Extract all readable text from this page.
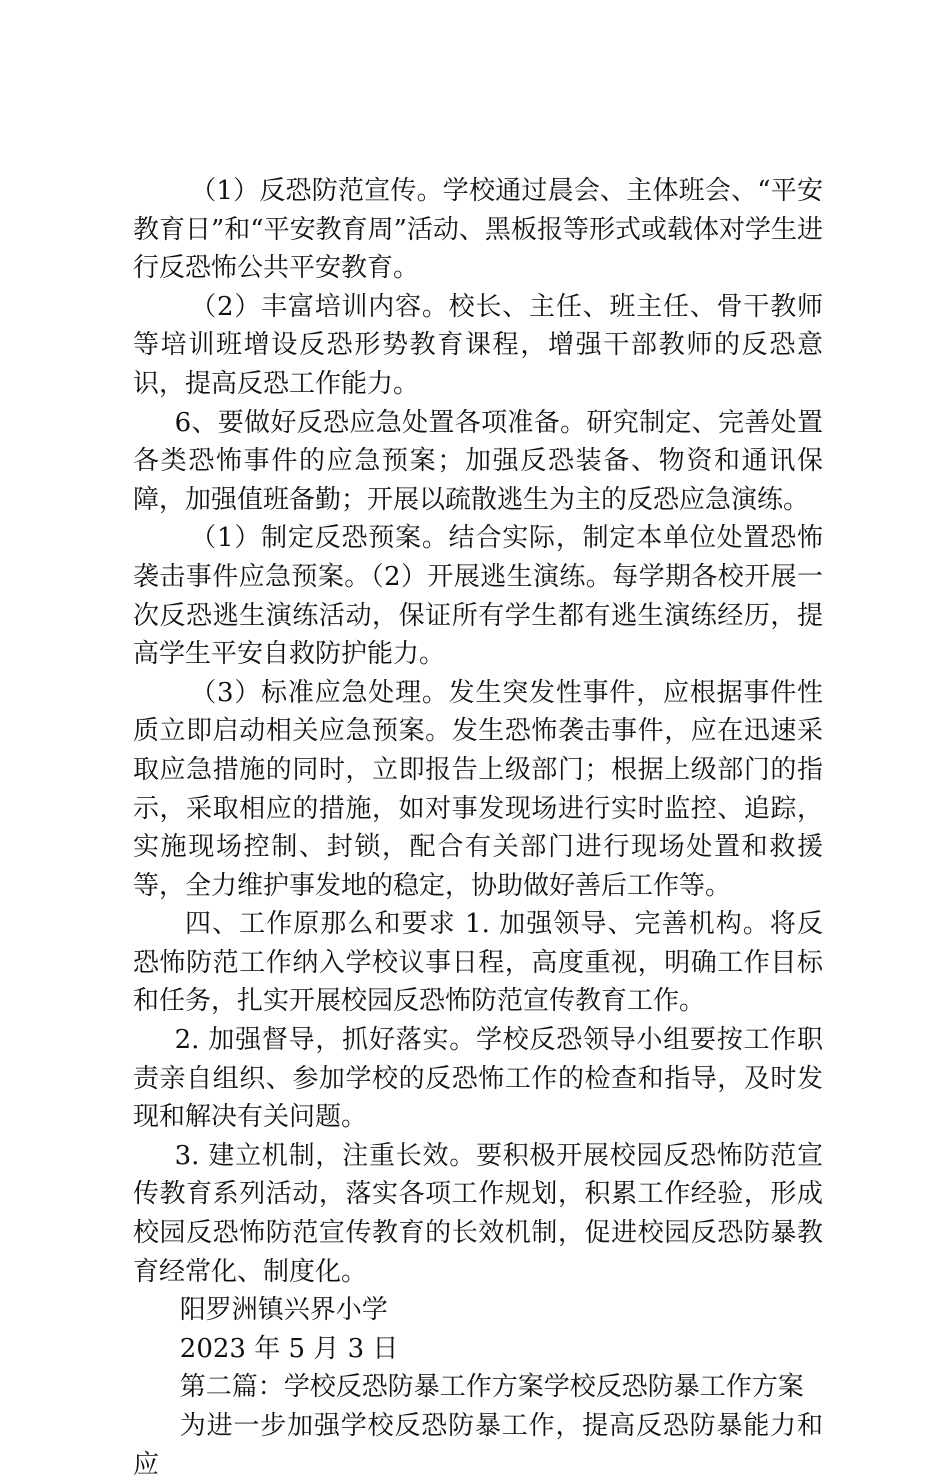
（1）反恐防范宣传。学校通过晨会、主体班会、“平安教育日”和“平安教育周”活动、黑板报等形式或载体对学生进行反恐怖公共平安教育。

（2）丰富培训内容。校长、主任、班主任、骨干教师等培训班增设反恐形势教育课程，增强干部教师的反恐意识，提高反恐工作能力。

6、要做好反恐应急处置各项准备。研究制定、完善处置各类恐怖事件的应急预案；加强反恐装备、物资和通讯保障，加强值班备勤；开展以疏散逃生为主的反恐应急演练。

（1）制定反恐预案。结合实际，制定本单位处置恐怖袭击事件应急预案。（2）开展逃生演练。每学期各校开展一次反恐逃生演练活动，保证所有学生都有逃生演练经历，提高学生平安自救防护能力。

（3）标准应急处理。发生突发性事件，应根据事件性质立即启动相关应急预案。发生恐怖袭击事件，应在迅速采取应急措施的同时，立即报告上级部门；根据上级部门的指示，采取相应的措施，如对事发现场进行实时监控、追踪，实施现场控制、封锁，配合有关部门进行现场处置和救援等，全力维护事发地的稳定，协助做好善后工作等。

四、工作原那么和要求 1. 加强领导、完善机构。将反恐怖防范工作纳入学校议事日程，高度重视，明确工作目标和任务，扎实开展校园反恐怖防范宣传教育工作。

2. 加强督导，抓好落实。学校反恐领导小组要按工作职责亲自组织、参加学校的反恐怖工作的检查和指导，及时发现和解决有关问题。

3. 建立机制，注重长效。要积极开展校园反恐怖防范宣传教育系列活动，落实各项工作规划，积累工作经验，形成校园反恐怖防范宣传教育的长效机制，促进校园反恐防暴教育经常化、制度化。

阳罗洲镇兴界小学

2023 年 5 月 3 日

第二篇：学校反恐防暴工作方案学校反恐防暴工作方案

为进一步加强学校反恐防暴工作，提高反恐防暴能力和应
